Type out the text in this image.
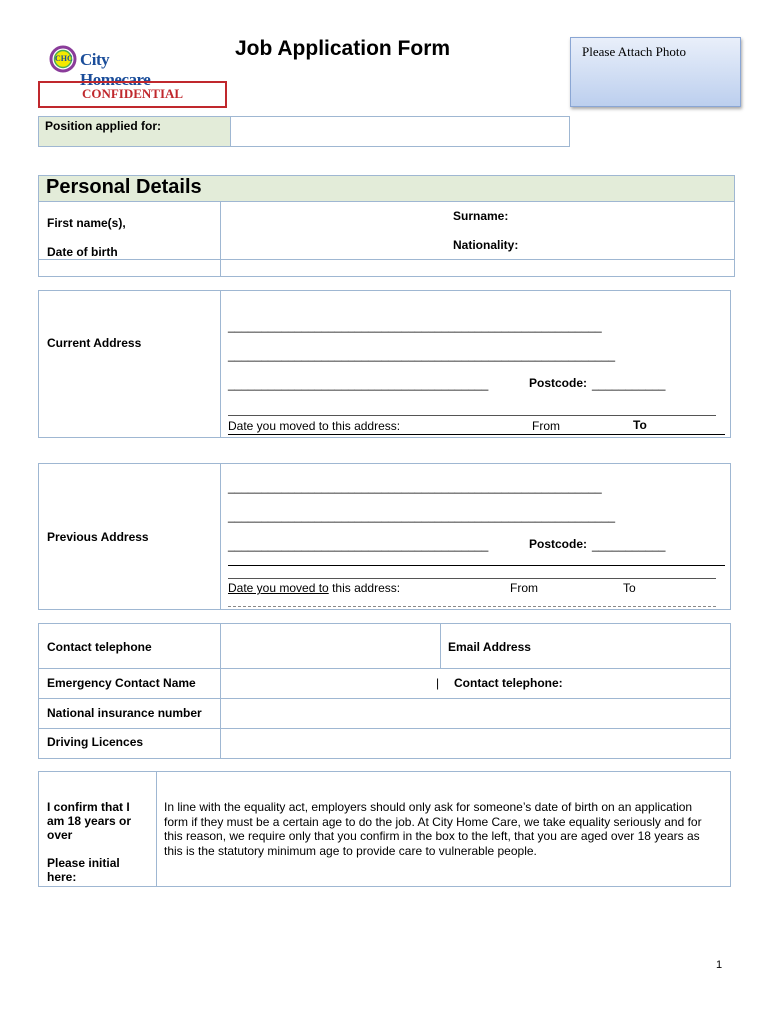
CHC City Homecare
Job Application Form	Please Attach Photo
CONFIDENTIAL
Position applied for:
Personal Details
First name(s),	Surname:
Date of birth	Nationality:
Current Address
________________________________________________________
__________________________________________________________
_______________________________________	Postcode: ___________
Date you moved to this address:	From	To
Previous Address
________________________________________________________
__________________________________________________________
_______________________________________	Postcode: ___________
Date you moved to this address:	From	To
Contact telephone	Email Address
Emergency Contact Name	| Contact telephone:
National insurance number
Driving Licences
I confirm that I am 18 years or over
Please initial here:
In line with the equality act, employers should only ask for someone’s date of birth on an application form if they must be a certain age to do the job. At City Home Care, we take equality seriously and for this reason, we require only that you confirm in the box to the left, that you are aged over 18 years as this is the statutory minimum age to provide care to vulnerable people.
1
